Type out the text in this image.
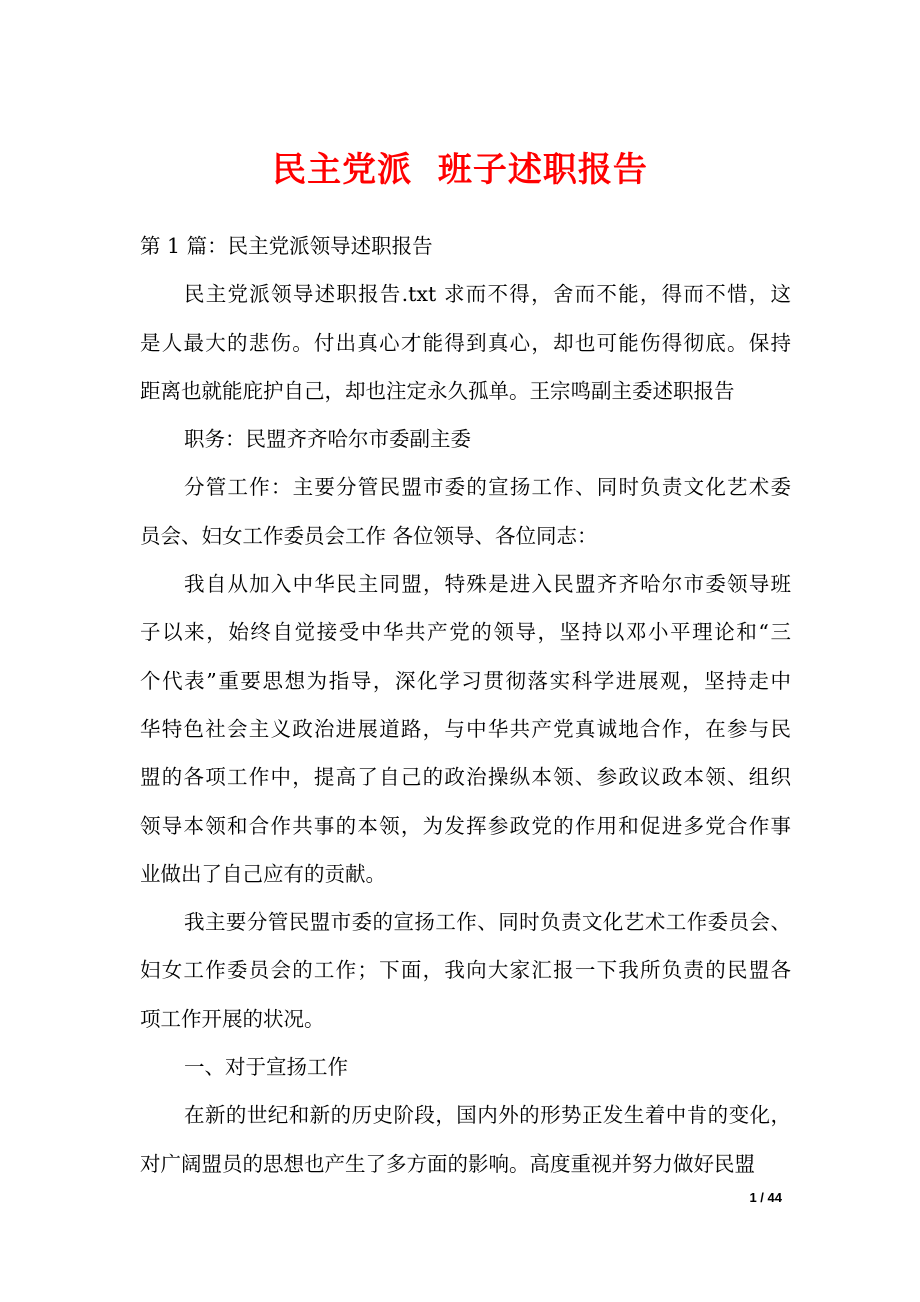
民主党派  班子述职报告
第 1 篇：民主党派领导述职报告
民主党派领导述职报告.txt 求而不得，舍而不能，得而不惜，这
是人最大的悲伤。付出真心才能得到真心，却也可能伤得彻底。保持
距离也就能庇护自己，却也注定永久孤单。王宗鸣副主委述职报告
职务：民盟齐齐哈尔市委副主委
分管工作：主要分管民盟市委的宣扬工作、同时负责文化艺术委
员会、妇女工作委员会工作 各位领导、各位同志：
我自从加入中华民主同盟，特殊是进入民盟齐齐哈尔市委领导班
子以来，始终自觉接受中华共产党的领导，坚持以邓小平理论和“三
个代表”重要思想为指导，深化学习贯彻落实科学进展观，坚持走中
华特色社会主义政治进展道路，与中华共产党真诚地合作，在参与民
盟的各项工作中，提高了自己的政治操纵本领、参政议政本领、组织
领导本领和合作共事的本领，为发挥参政党的作用和促进多党合作事
业做出了自己应有的贡献。
我主要分管民盟市委的宣扬工作、同时负责文化艺术工作委员会、
妇女工作委员会的工作；下面，我向大家汇报一下我所负责的民盟各
项工作开展的状况。
一、对于宣扬工作
在新的世纪和新的历史阶段，国内外的形势正发生着中肯的变化，
对广阔盟员的思想也产生了多方面的影响。高度重视并努力做好民盟
1 / 44
